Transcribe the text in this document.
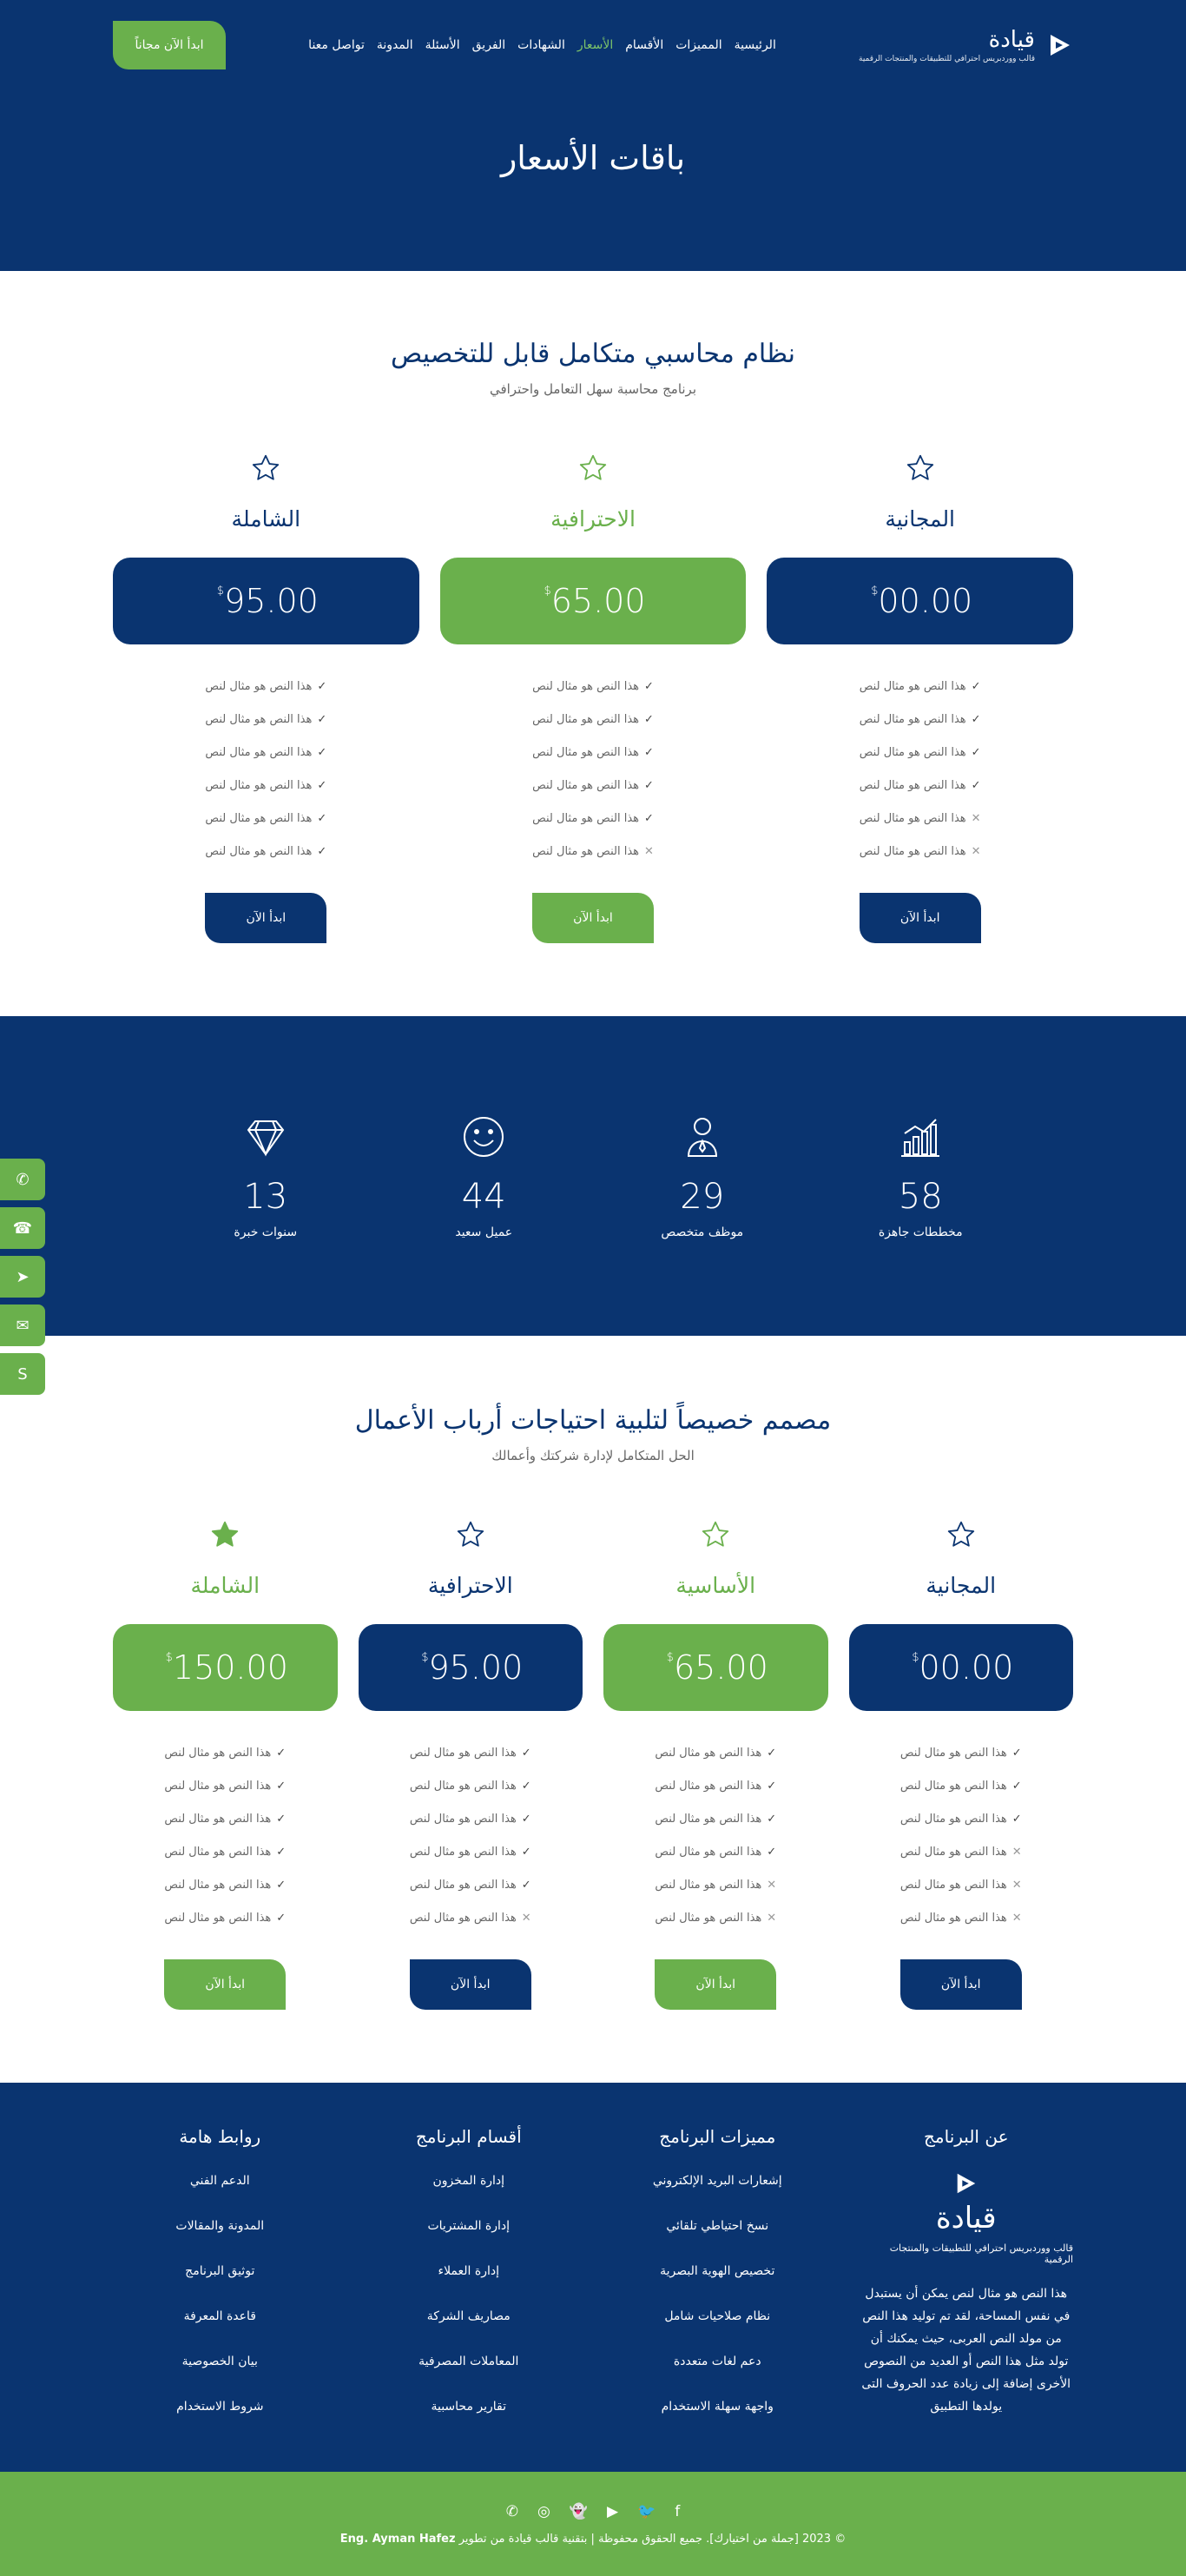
قيادة
قالب ووردبريس احترافي للتطبيقات والمنتجات الرقمية
الرئيسية
المميزات
الأقسام
الأسعار
الشهادات
الفريق
الأسئلة
المدونة
تواصل معنا
ابدأ الآن مجاناً
باقات الأسعار
نظام محاسبي متكامل قابل للتخصيص

برنامج محاسبة سهل التعامل واحترافي

المجانية
00.00
$
✓
هذا النص هو مثال لنص
✓
هذا النص هو مثال لنص
✓
هذا النص هو مثال لنص
✓
هذا النص هو مثال لنص
✕
هذا النص هو مثال لنص
✕
هذا النص هو مثال لنص
ابدأ الآن
الاحترافية
65.00
$
✓
هذا النص هو مثال لنص
✓
هذا النص هو مثال لنص
✓
هذا النص هو مثال لنص
✓
هذا النص هو مثال لنص
✓
هذا النص هو مثال لنص
✕
هذا النص هو مثال لنص
ابدأ الآن
الشاملة
95.00
$
✓
هذا النص هو مثال لنص
✓
هذا النص هو مثال لنص
✓
هذا النص هو مثال لنص
✓
هذا النص هو مثال لنص
✓
هذا النص هو مثال لنص
✓
هذا النص هو مثال لنص
ابدأ الآن
58
مخططات جاهزة
29
موظف متخصص
44
عميل سعيد
13
سنوات خبرة
مصمم خصيصاً لتلبية احتياجات أرباب الأعمال

الحل المتكامل لإدارة شركتك وأعمالك

المجانية
00.00
$
✓
هذا النص هو مثال لنص
✓
هذا النص هو مثال لنص
✓
هذا النص هو مثال لنص
✕
هذا النص هو مثال لنص
✕
هذا النص هو مثال لنص
✕
هذا النص هو مثال لنص
ابدأ الآن
الأساسية
65.00
$
✓
هذا النص هو مثال لنص
✓
هذا النص هو مثال لنص
✓
هذا النص هو مثال لنص
✓
هذا النص هو مثال لنص
✕
هذا النص هو مثال لنص
✕
هذا النص هو مثال لنص
ابدأ الآن
الاحترافية
95.00
$
✓
هذا النص هو مثال لنص
✓
هذا النص هو مثال لنص
✓
هذا النص هو مثال لنص
✓
هذا النص هو مثال لنص
✓
هذا النص هو مثال لنص
✕
هذا النص هو مثال لنص
ابدأ الآن
الشاملة
150.00
$
✓
هذا النص هو مثال لنص
✓
هذا النص هو مثال لنص
✓
هذا النص هو مثال لنص
✓
هذا النص هو مثال لنص
✓
هذا النص هو مثال لنص
✓
هذا النص هو مثال لنص
ابدأ الآن
عن البرنامج
قيادة
قالب ووردبريس احترافي للتطبيقات والمنتجات الرقمية

هذا النص هو مثال لنص يمكن أن يستبدل في نفس المساحة، لقد تم توليد هذا النص من مولد النص العربى، حيث يمكنك أن تولد مثل هذا النص أو العديد من النصوص الأخرى إضافة إلى زيادة عدد الحروف التى يولدها التطبيق

مميزات البرنامج
إشعارات البريد الإلكتروني
نسخ احتياطي تلقائي
تخصيص الهوية البصرية
نظام صلاحيات شامل
دعم لغات متعددة
واجهة سهلة الاستخدام
أقسام البرنامج
إدارة المخزون
إدارة المشتريات
إدارة العملاء
مصاريف الشركة
المعاملات المصرفية
تقارير محاسبية
روابط هامة
الدعم الفني
المدونة والمقالات
توثيق البرنامج
قاعدة المعرفة
بيان الخصوصية
شروط الاستخدام
f
🐦
▶
👻
◎
✆

© 2023 [جملة من اختيارك]. جميع الحقوق محفوظة | بتقنية قالب قيادة من تطوير Eng. Ayman Hafez

✆
☎
➤
✉
S
